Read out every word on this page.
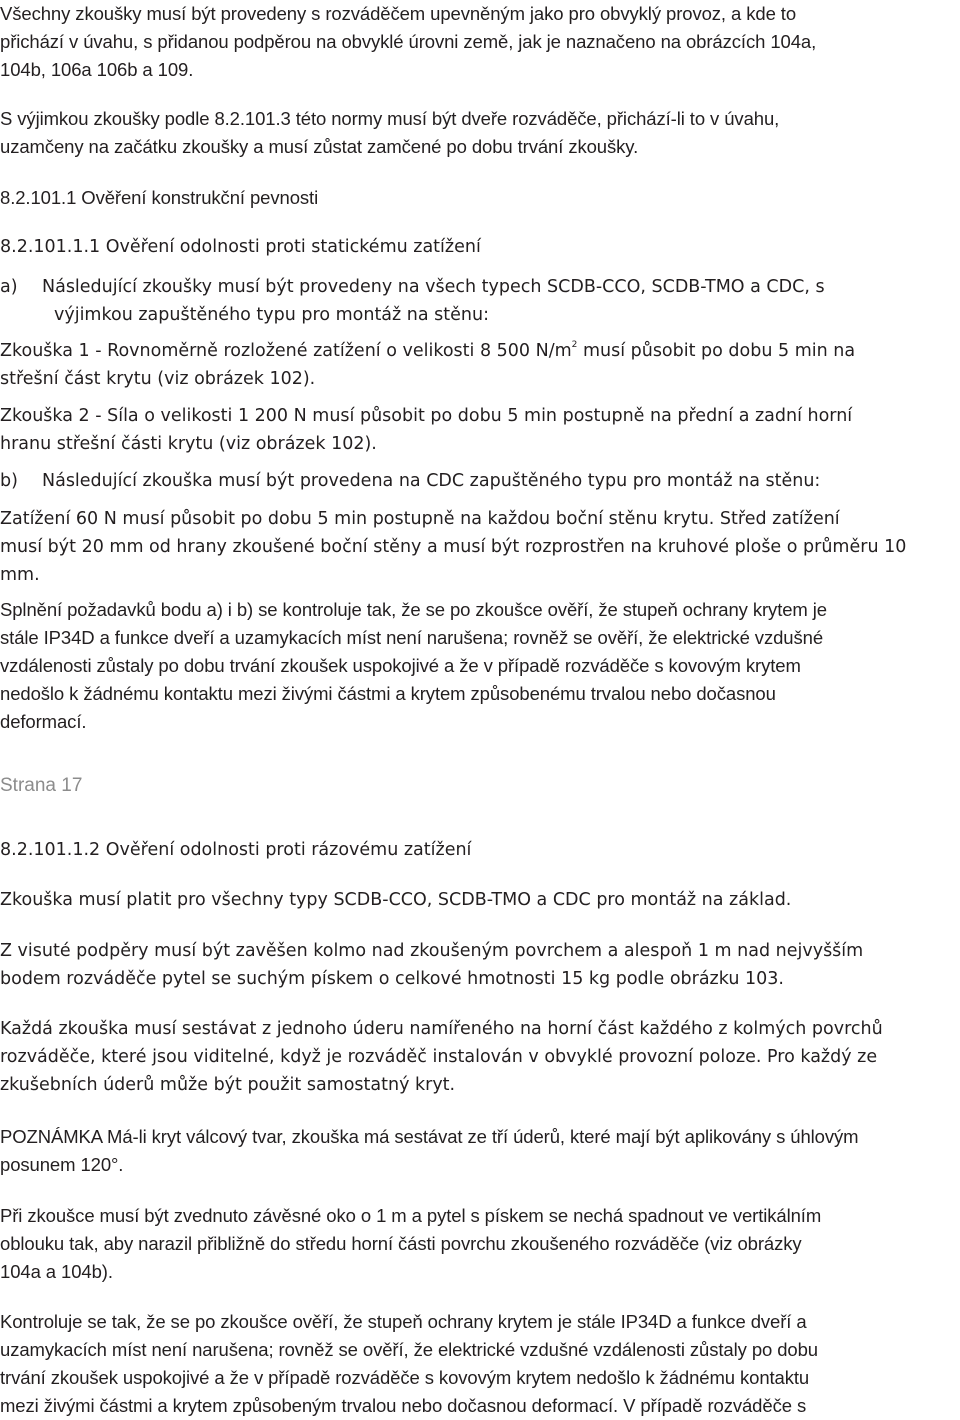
Všechny zkoušky musí být provedeny s rozváděčem upevněným jako pro obvyklý provoz, a kde to
přichází v úvahu, s přidanou podpěrou na obvyklé úrovni země, jak je naznačeno na obrázcích 104a,
104b, 106a 106b a 109.

S výjimkou zkoušky podle 8.2.101.3 této normy musí být dveře rozváděče, přichází-li to v úvahu,
uzamčeny na začátku zkoušky a musí zůstat zamčené po dobu trvání zkoušky.

8.2.101.1 Ověření konstrukční pevnosti

8.2.101.1.1 Ověření odolnosti proti statickému zatížení

a) Následující zkoušky musí být provedeny na všech typech SCDB-CCO, SCDB-TMO a CDC, s
výjimkou zapuštěného typu pro montáž na stěnu:

Zkouška 1 - Rovnoměrně rozložené zatížení o velikosti 8 500 $N/m^2$ musí působit po dobu 5 min na
střešní část krytu (viz obrázek 102).

Zkouška 2 - Síla o velikosti 1 200 N musí působit po dobu 5 min postupně na přední a zadní horní
hranu střešní části krytu (viz obrázek 102).

b) Následující zkouška musí být provedena na CDC zapuštěného typu pro montáž na stěnu:

Zatížení 60 N musí působit po dobu 5 min postupně na každou boční stěnu krytu. Střed zatížení
musí být 20 mm od hrany zkoušené boční stěny a musí být rozprostřen na kruhové ploše o průměru 10
mm.

Splnění požadavků bodu a) i b) se kontroluje tak, že se po zkoušce ověří, že stupeň ochrany krytem je
stále IP34D a funkce dveří a uzamykacích míst není narušena; rovněž se ověří, že elektrické vzdušné
vzdálenosti zůstaly po dobu trvání zkoušek uspokojivé a že v případě rozváděče s kovovým krytem
nedošlo k žádnému kontaktu mezi živými částmi a krytem způsobenému trvalou nebo dočasnou
deformací.

Strana 17

8.2.101.1.2 Ověření odolnosti proti rázovému zatížení

Zkouška musí platit pro všechny typy SCDB-CCO, SCDB-TMO a CDC pro montáž na základ.

Z visuté podpěry musí být zavěšen kolmo nad zkoušeným povrchem a alespoň 1 m nad nejvyšším
bodem rozváděče pytel se suchým pískem o celkové hmotnosti 15 kg podle obrázku 103.

Každá zkouška musí sestávat z jednoho úderu namířeného na horní část každého z kolmých povrchů
rozváděče, které jsou viditelné, když je rozváděč instalován v obvyklé provozní poloze. Pro každý ze
zkušebních úderů může být použit samostatný kryt.

POZNÁMKA Má-li kryt válcový tvar, zkouška má sestávat ze tří úderů, které mají být aplikovány s úhlovým
posunem 120°.

Při zkoušce musí být zvednuto závěsné oko o 1 m a pytel s pískem se nechá spadnout ve vertikálním
oblouku tak, aby narazil přibližně do středu horní části povrchu zkoušeného rozváděče (viz obrázky
104a a 104b).

Kontroluje se tak, že se po zkoušce ověří, že stupeň ochrany krytem je stále IP34D a funkce dveří a
uzamykacích míst není narušena; rovněž se ověří, že elektrické vzdušné vzdálenosti zůstaly po dobu
trvání zkoušek uspokojivé a že v případě rozváděče s kovovým krytem nedošlo k žádnému kontaktu
mezi živými částmi a krytem způsobeným trvalou nebo dočasnou deformací. V případě rozváděče s
